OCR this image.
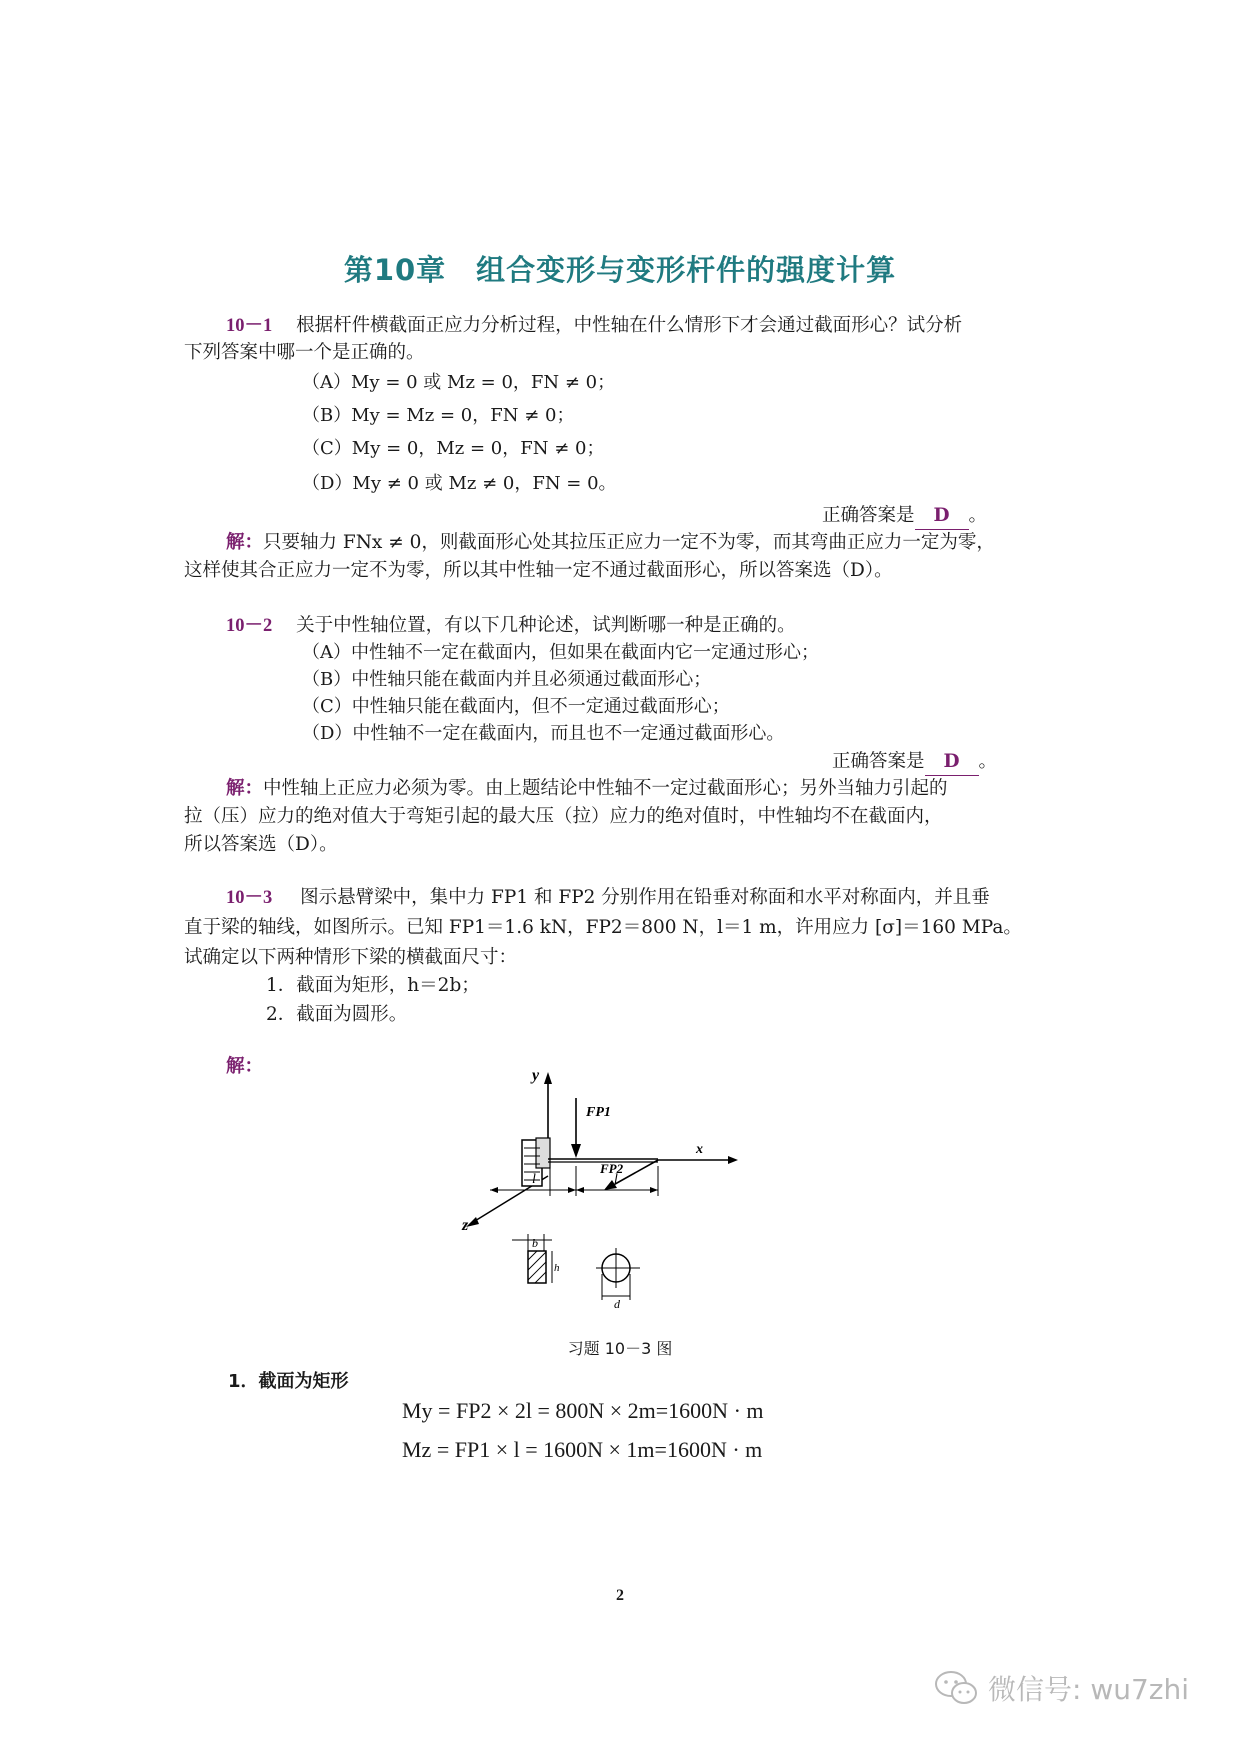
第10章　组合变形与变形杆件的强度计算
10－1 根据杆件横截面正应力分析过程，中性轴在什么情形下才会通过截面形心？试分析
下列答案中哪一个是正确的。
（A）My = 0 或 Mz = 0，FN ≠ 0；
（B）My = Mz = 0，FN ≠ 0；
（C）My = 0，Mz = 0，FN ≠ 0；
（D）My ≠ 0 或 Mz ≠ 0，FN = 0。
正确答案是 D 。
解：只要轴力 FNx ≠ 0，则截面形心处其拉压正应力一定不为零，而其弯曲正应力一定为零，
这样使其合正应力一定不为零，所以其中性轴一定不通过截面形心，所以答案选（D）。
10－2 关于中性轴位置，有以下几种论述，试判断哪一种是正确的。
（A）中性轴不一定在截面内，但如果在截面内它一定通过形心；
（B）中性轴只能在截面内并且必须通过截面形心；
（C）中性轴只能在截面内，但不一定通过截面形心；
（D）中性轴不一定在截面内，而且也不一定通过截面形心。
正确答案是 D 。
解：中性轴上正应力必须为零。由上题结论中性轴不一定过截面形心；另外当轴力引起的
拉（压）应力的绝对值大于弯矩引起的最大压（拉）应力的绝对值时，中性轴均不在截面内，
所以答案选（D）。
10－3 图示悬臂梁中，集中力 FP1 和 FP2 分别作用在铅垂对称面和水平对称面内，并且垂
直于梁的轴线，如图所示。已知 FP1＝1.6 kN，FP2＝800 N，l＝1 m，许用应力 [σ]＝160 MPa。
试确定以下两种情形下梁的横截面尺寸：
1．截面为矩形，h＝2b；
2．截面为圆形。
解：	y
z
x
FP1
FP2
l	l
b
h
d
习题 10－3 图
1．截面为矩形
My = FP2 × 2l = 800N × 2m=1600N · m
Mz = FP1 × l = 1600N × 1m=1600N · m
2
微信号: wu7zhi
